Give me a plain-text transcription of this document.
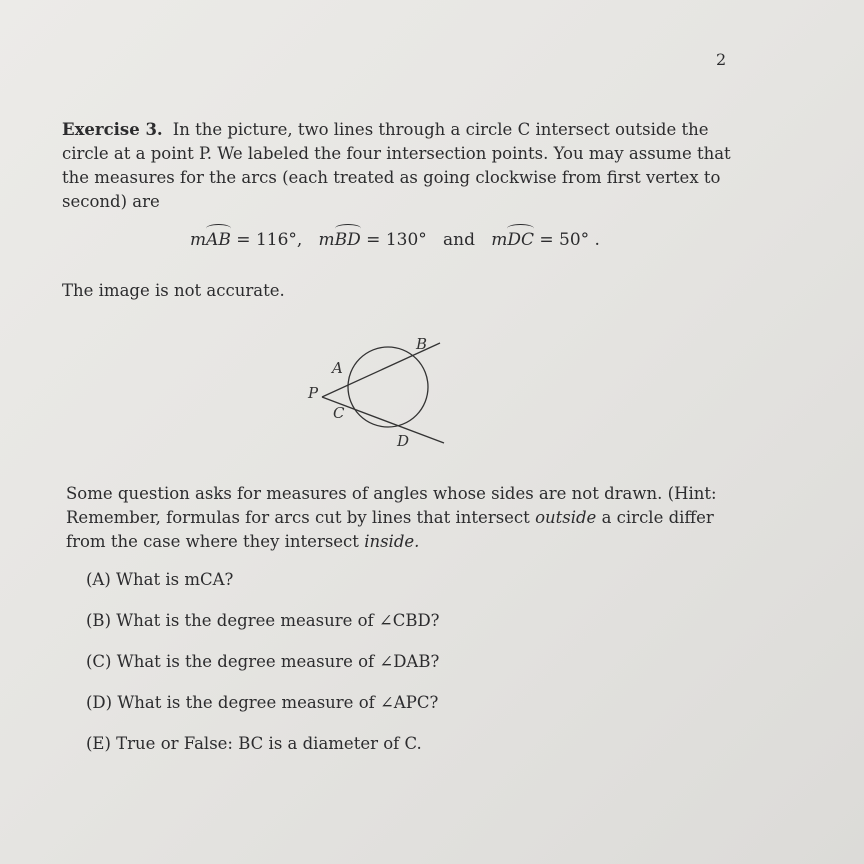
2
Exercise 3. In the picture, two lines through a circle C intersect outside the circle at a point P. We labeled the four intersection points. You may assume that the measures for the arcs (each treated as going clockwise from first vertex to second) are
mAB = 116°, mBD = 130° and mDC = 50° .
The image is not accurate.
B
A
P
C
D
Some question asks for measures of angles whose sides are not drawn. (Hint: Remember, formulas for arcs cut by lines that intersect outside a circle differ from the case where they intersect inside.
(A) What is mCA?
(B) What is the degree measure of ∠CBD?
(C) What is the degree measure of ∠DAB?
(D) What is the degree measure of ∠APC?
(E) True or False: BC is a diameter of C.
